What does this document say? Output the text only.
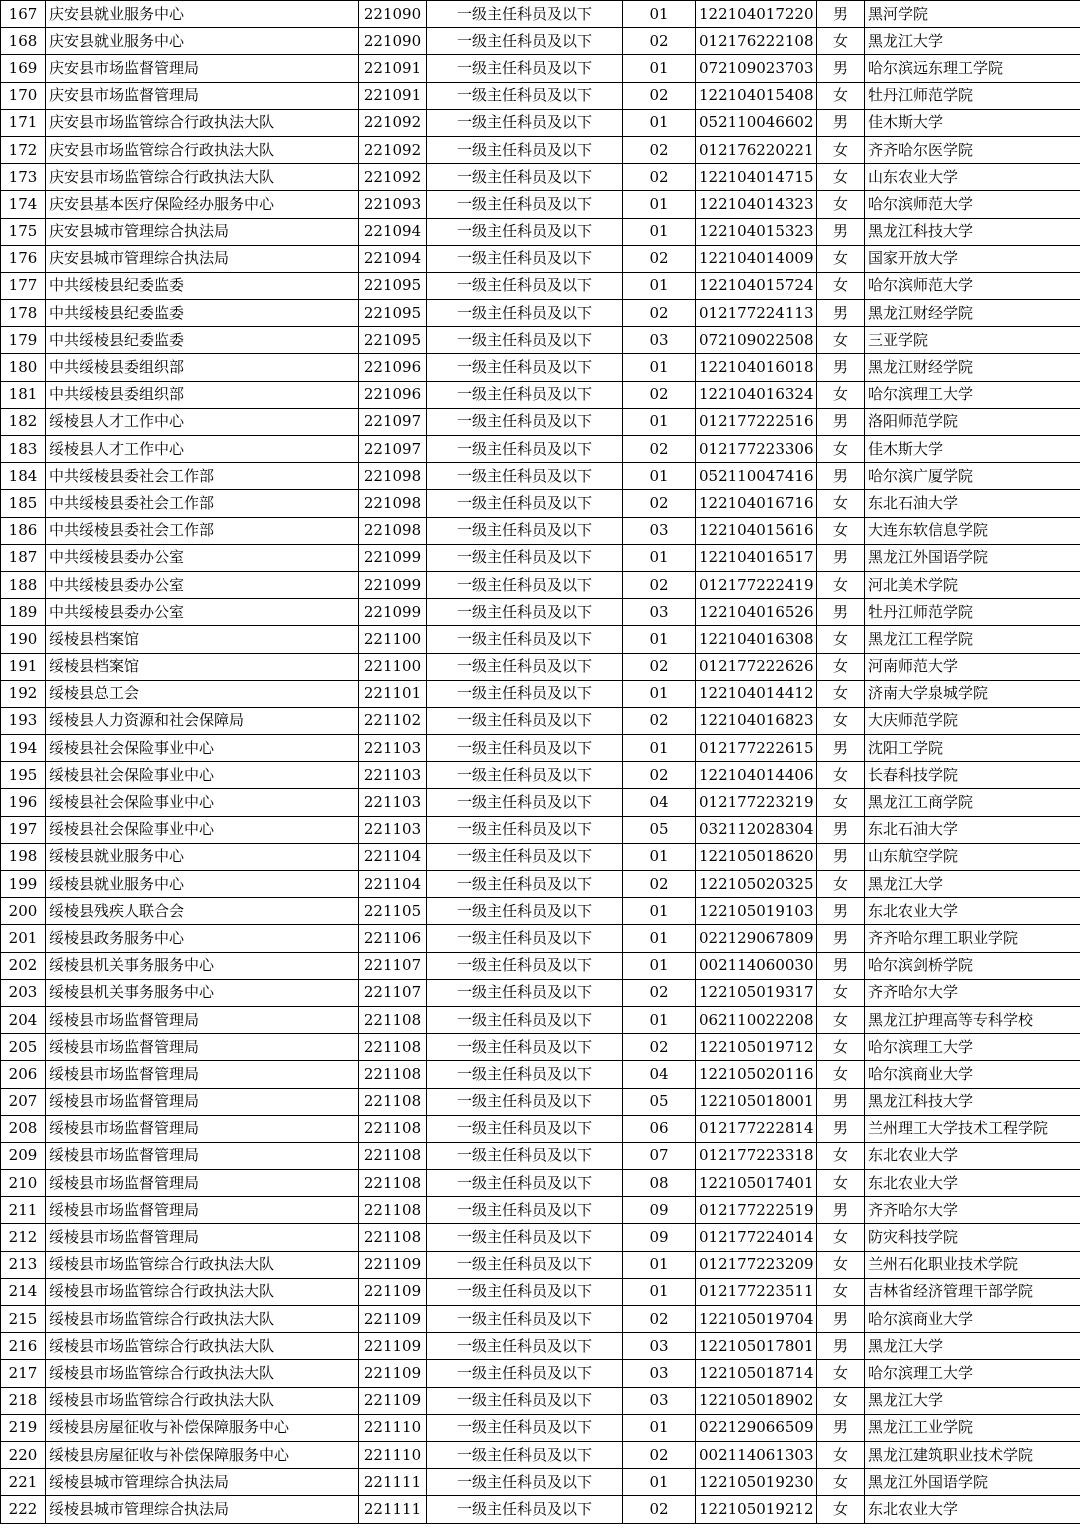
167	庆安县就业服务中心	221090	一级主任科员及以下	01	122104017220	男	黑河学院
168	庆安县就业服务中心	221090	一级主任科员及以下	02	012176222108	女	黑龙江大学
169	庆安县市场监督管理局	221091	一级主任科员及以下	01	072109023703	男	哈尔滨远东理工学院
170	庆安县市场监督管理局	221091	一级主任科员及以下	02	122104015408	女	牡丹江师范学院
171	庆安县市场监管综合行政执法大队	221092	一级主任科员及以下	01	052110046602	男	佳木斯大学
172	庆安县市场监管综合行政执法大队	221092	一级主任科员及以下	02	012176220221	女	齐齐哈尔医学院
173	庆安县市场监管综合行政执法大队	221092	一级主任科员及以下	02	122104014715	女	山东农业大学
174	庆安县基本医疗保险经办服务中心	221093	一级主任科员及以下	01	122104014323	女	哈尔滨师范大学
175	庆安县城市管理综合执法局	221094	一级主任科员及以下	01	122104015323	男	黑龙江科技大学
176	庆安县城市管理综合执法局	221094	一级主任科员及以下	02	122104014009	女	国家开放大学
177	中共绥棱县纪委监委	221095	一级主任科员及以下	01	122104015724	女	哈尔滨师范大学
178	中共绥棱县纪委监委	221095	一级主任科员及以下	02	012177224113	男	黑龙江财经学院
179	中共绥棱县纪委监委	221095	一级主任科员及以下	03	072109022508	女	三亚学院
180	中共绥棱县委组织部	221096	一级主任科员及以下	01	122104016018	男	黑龙江财经学院
181	中共绥棱县委组织部	221096	一级主任科员及以下	02	122104016324	女	哈尔滨理工大学
182	绥棱县人才工作中心	221097	一级主任科员及以下	01	012177222516	男	洛阳师范学院
183	绥棱县人才工作中心	221097	一级主任科员及以下	02	012177223306	女	佳木斯大学
184	中共绥棱县委社会工作部	221098	一级主任科员及以下	01	052110047416	男	哈尔滨广厦学院
185	中共绥棱县委社会工作部	221098	一级主任科员及以下	02	122104016716	女	东北石油大学
186	中共绥棱县委社会工作部	221098	一级主任科员及以下	03	122104015616	女	大连东软信息学院
187	中共绥棱县委办公室	221099	一级主任科员及以下	01	122104016517	男	黑龙江外国语学院
188	中共绥棱县委办公室	221099	一级主任科员及以下	02	012177222419	女	河北美术学院
189	中共绥棱县委办公室	221099	一级主任科员及以下	03	122104016526	男	牡丹江师范学院
190	绥棱县档案馆	221100	一级主任科员及以下	01	122104016308	女	黑龙江工程学院
191	绥棱县档案馆	221100	一级主任科员及以下	02	012177222626	女	河南师范大学
192	绥棱县总工会	221101	一级主任科员及以下	01	122104014412	女	济南大学泉城学院
193	绥棱县人力资源和社会保障局	221102	一级主任科员及以下	02	122104016823	女	大庆师范学院
194	绥棱县社会保险事业中心	221103	一级主任科员及以下	01	012177222615	男	沈阳工学院
195	绥棱县社会保险事业中心	221103	一级主任科员及以下	02	122104014406	女	长春科技学院
196	绥棱县社会保险事业中心	221103	一级主任科员及以下	04	012177223219	女	黑龙江工商学院
197	绥棱县社会保险事业中心	221103	一级主任科员及以下	05	032112028304	男	东北石油大学
198	绥棱县就业服务中心	221104	一级主任科员及以下	01	122105018620	男	山东航空学院
199	绥棱县就业服务中心	221104	一级主任科员及以下	02	122105020325	女	黑龙江大学
200	绥棱县残疾人联合会	221105	一级主任科员及以下	01	122105019103	男	东北农业大学
201	绥棱县政务服务中心	221106	一级主任科员及以下	01	022129067809	男	齐齐哈尔理工职业学院
202	绥棱县机关事务服务中心	221107	一级主任科员及以下	01	002114060030	男	哈尔滨剑桥学院
203	绥棱县机关事务服务中心	221107	一级主任科员及以下	02	122105019317	女	齐齐哈尔大学
204	绥棱县市场监督管理局	221108	一级主任科员及以下	01	062110022208	女	黑龙江护理高等专科学校
205	绥棱县市场监督管理局	221108	一级主任科员及以下	02	122105019712	女	哈尔滨理工大学
206	绥棱县市场监督管理局	221108	一级主任科员及以下	04	122105020116	女	哈尔滨商业大学
207	绥棱县市场监督管理局	221108	一级主任科员及以下	05	122105018001	男	黑龙江科技大学
208	绥棱县市场监督管理局	221108	一级主任科员及以下	06	012177222814	男	兰州理工大学技术工程学院
209	绥棱县市场监督管理局	221108	一级主任科员及以下	07	012177223318	女	东北农业大学
210	绥棱县市场监督管理局	221108	一级主任科员及以下	08	122105017401	女	东北农业大学
211	绥棱县市场监督管理局	221108	一级主任科员及以下	09	012177222519	男	齐齐哈尔大学
212	绥棱县市场监督管理局	221108	一级主任科员及以下	09	012177224014	女	防灾科技学院
213	绥棱县市场监管综合行政执法大队	221109	一级主任科员及以下	01	012177223209	女	兰州石化职业技术学院
214	绥棱县市场监管综合行政执法大队	221109	一级主任科员及以下	01	012177223511	女	吉林省经济管理干部学院
215	绥棱县市场监管综合行政执法大队	221109	一级主任科员及以下	02	122105019704	男	哈尔滨商业大学
216	绥棱县市场监管综合行政执法大队	221109	一级主任科员及以下	03	122105017801	男	黑龙江大学
217	绥棱县市场监管综合行政执法大队	221109	一级主任科员及以下	03	122105018714	女	哈尔滨理工大学
218	绥棱县市场监管综合行政执法大队	221109	一级主任科员及以下	03	122105018902	女	黑龙江大学
219	绥棱县房屋征收与补偿保障服务中心	221110	一级主任科员及以下	01	022129066509	男	黑龙江工业学院
220	绥棱县房屋征收与补偿保障服务中心	221110	一级主任科员及以下	02	002114061303	女	黑龙江建筑职业技术学院
221	绥棱县城市管理综合执法局	221111	一级主任科员及以下	01	122105019230	女	黑龙江外国语学院
222	绥棱县城市管理综合执法局	221111	一级主任科员及以下	02	122105019212	女	东北农业大学
